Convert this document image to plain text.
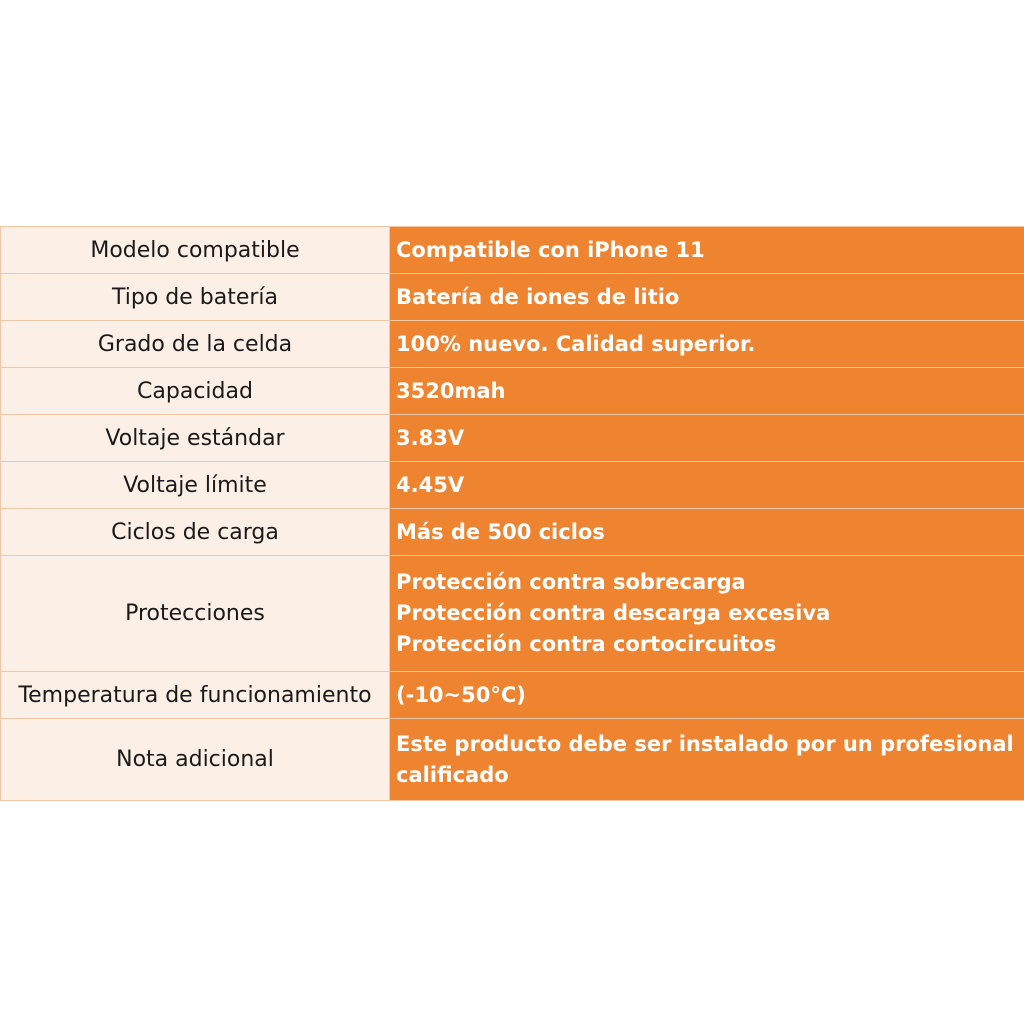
Modelo compatible	Compatible con iPhone 11

Tipo de batería	Batería de iones de litio

Grado de la celda	100% nuevo. Calidad superior.

Capacidad	3520mah

Voltaje estándar	3.83V

Voltaje límite	4.45V

Ciclos de carga	Más de 500 ciclos

Protecciones	Protección contra sobrecarga
Protección contra descarga excesiva
Protección contra cortocircuitos

Temperatura de funcionamiento	(-10~50°C)

Nota adicional	Este producto debe ser instalado por un profesional
calificado
